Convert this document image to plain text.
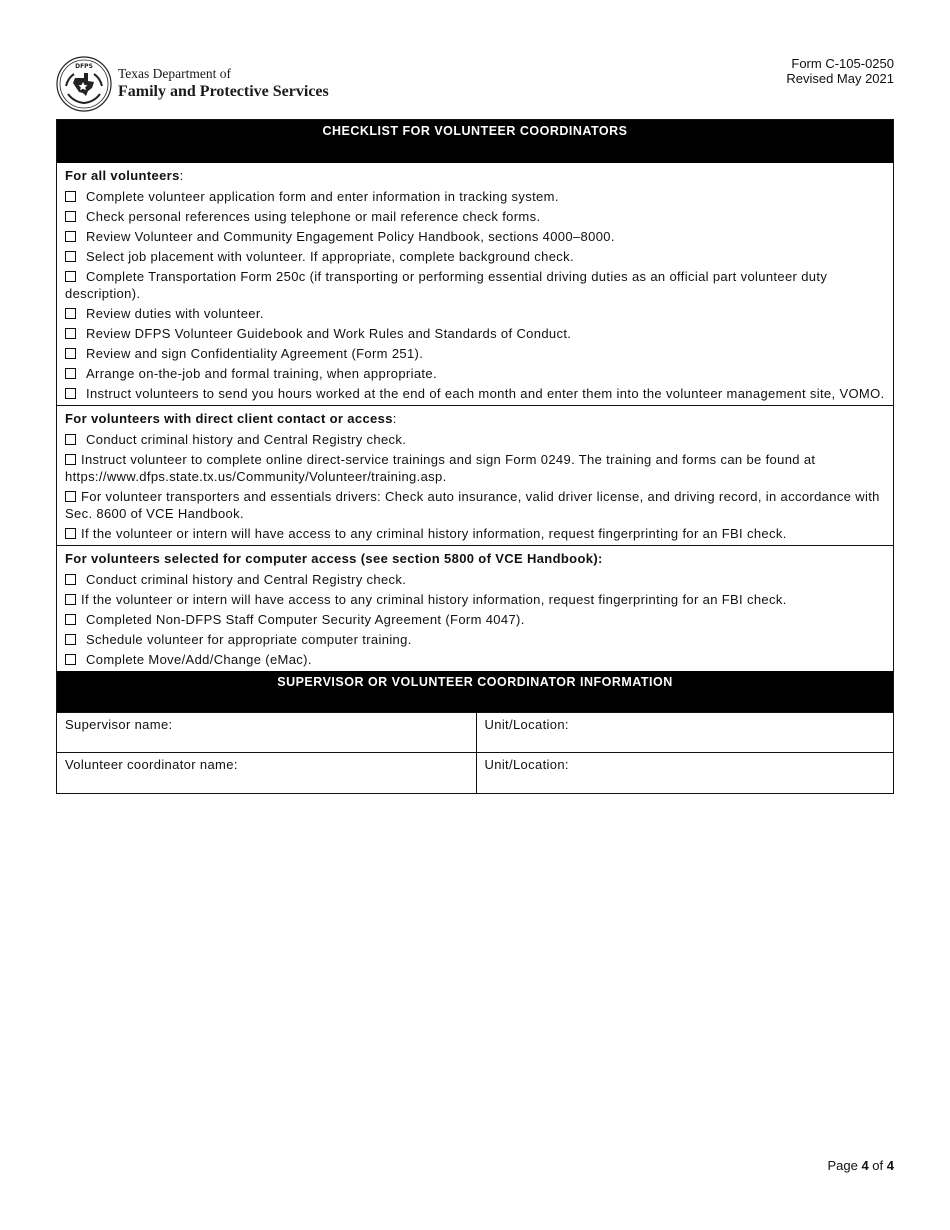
DFPS Texas Department of
Family and Protective Services
Form C-105-0250
Revised May 2021
CHECKLIST FOR VOLUNTEER COORDINATORS
For all volunteers:
Complete volunteer application form and enter information in tracking system.
Check personal references using telephone or mail reference check forms.
Review Volunteer and Community Engagement Policy Handbook, sections 4000–8000.
Select job placement with volunteer. If appropriate, complete background check.
Complete Transportation Form 250c (if transporting or performing essential driving duties as an official part volunteer duty description).
Review duties with volunteer.
Review DFPS Volunteer Guidebook and Work Rules and Standards of Conduct.
Review and sign Confidentiality Agreement (Form 251).
Arrange on-the-job and formal training, when appropriate.
Instruct volunteers to send you hours worked at the end of each month and enter them into the volunteer management site, VOMO.
For volunteers with direct client contact or access:
Conduct criminal history and Central Registry check.
Instruct volunteer to complete online direct-service trainings and sign Form 0249. The training and forms can be found at https://www.dfps.state.tx.us/Community/Volunteer/training.asp.
For volunteer transporters and essentials drivers: Check auto insurance, valid driver license, and driving record, in accordance with Sec. 8600 of VCE Handbook.
If the volunteer or intern will have access to any criminal history information, request fingerprinting for an FBI check.
For volunteers selected for computer access (see section 5800 of VCE Handbook):
Conduct criminal history and Central Registry check.
If the volunteer or intern will have access to any criminal history information, request fingerprinting for an FBI check.
Completed Non-DFPS Staff Computer Security Agreement (Form 4047).
Schedule volunteer for appropriate computer training.
Complete Move/Add/Change (eMac).
SUPERVISOR OR VOLUNTEER COORDINATOR INFORMATION
Supervisor name:	Unit/Location:
Volunteer coordinator name:	Unit/Location:
Page 4 of 4
